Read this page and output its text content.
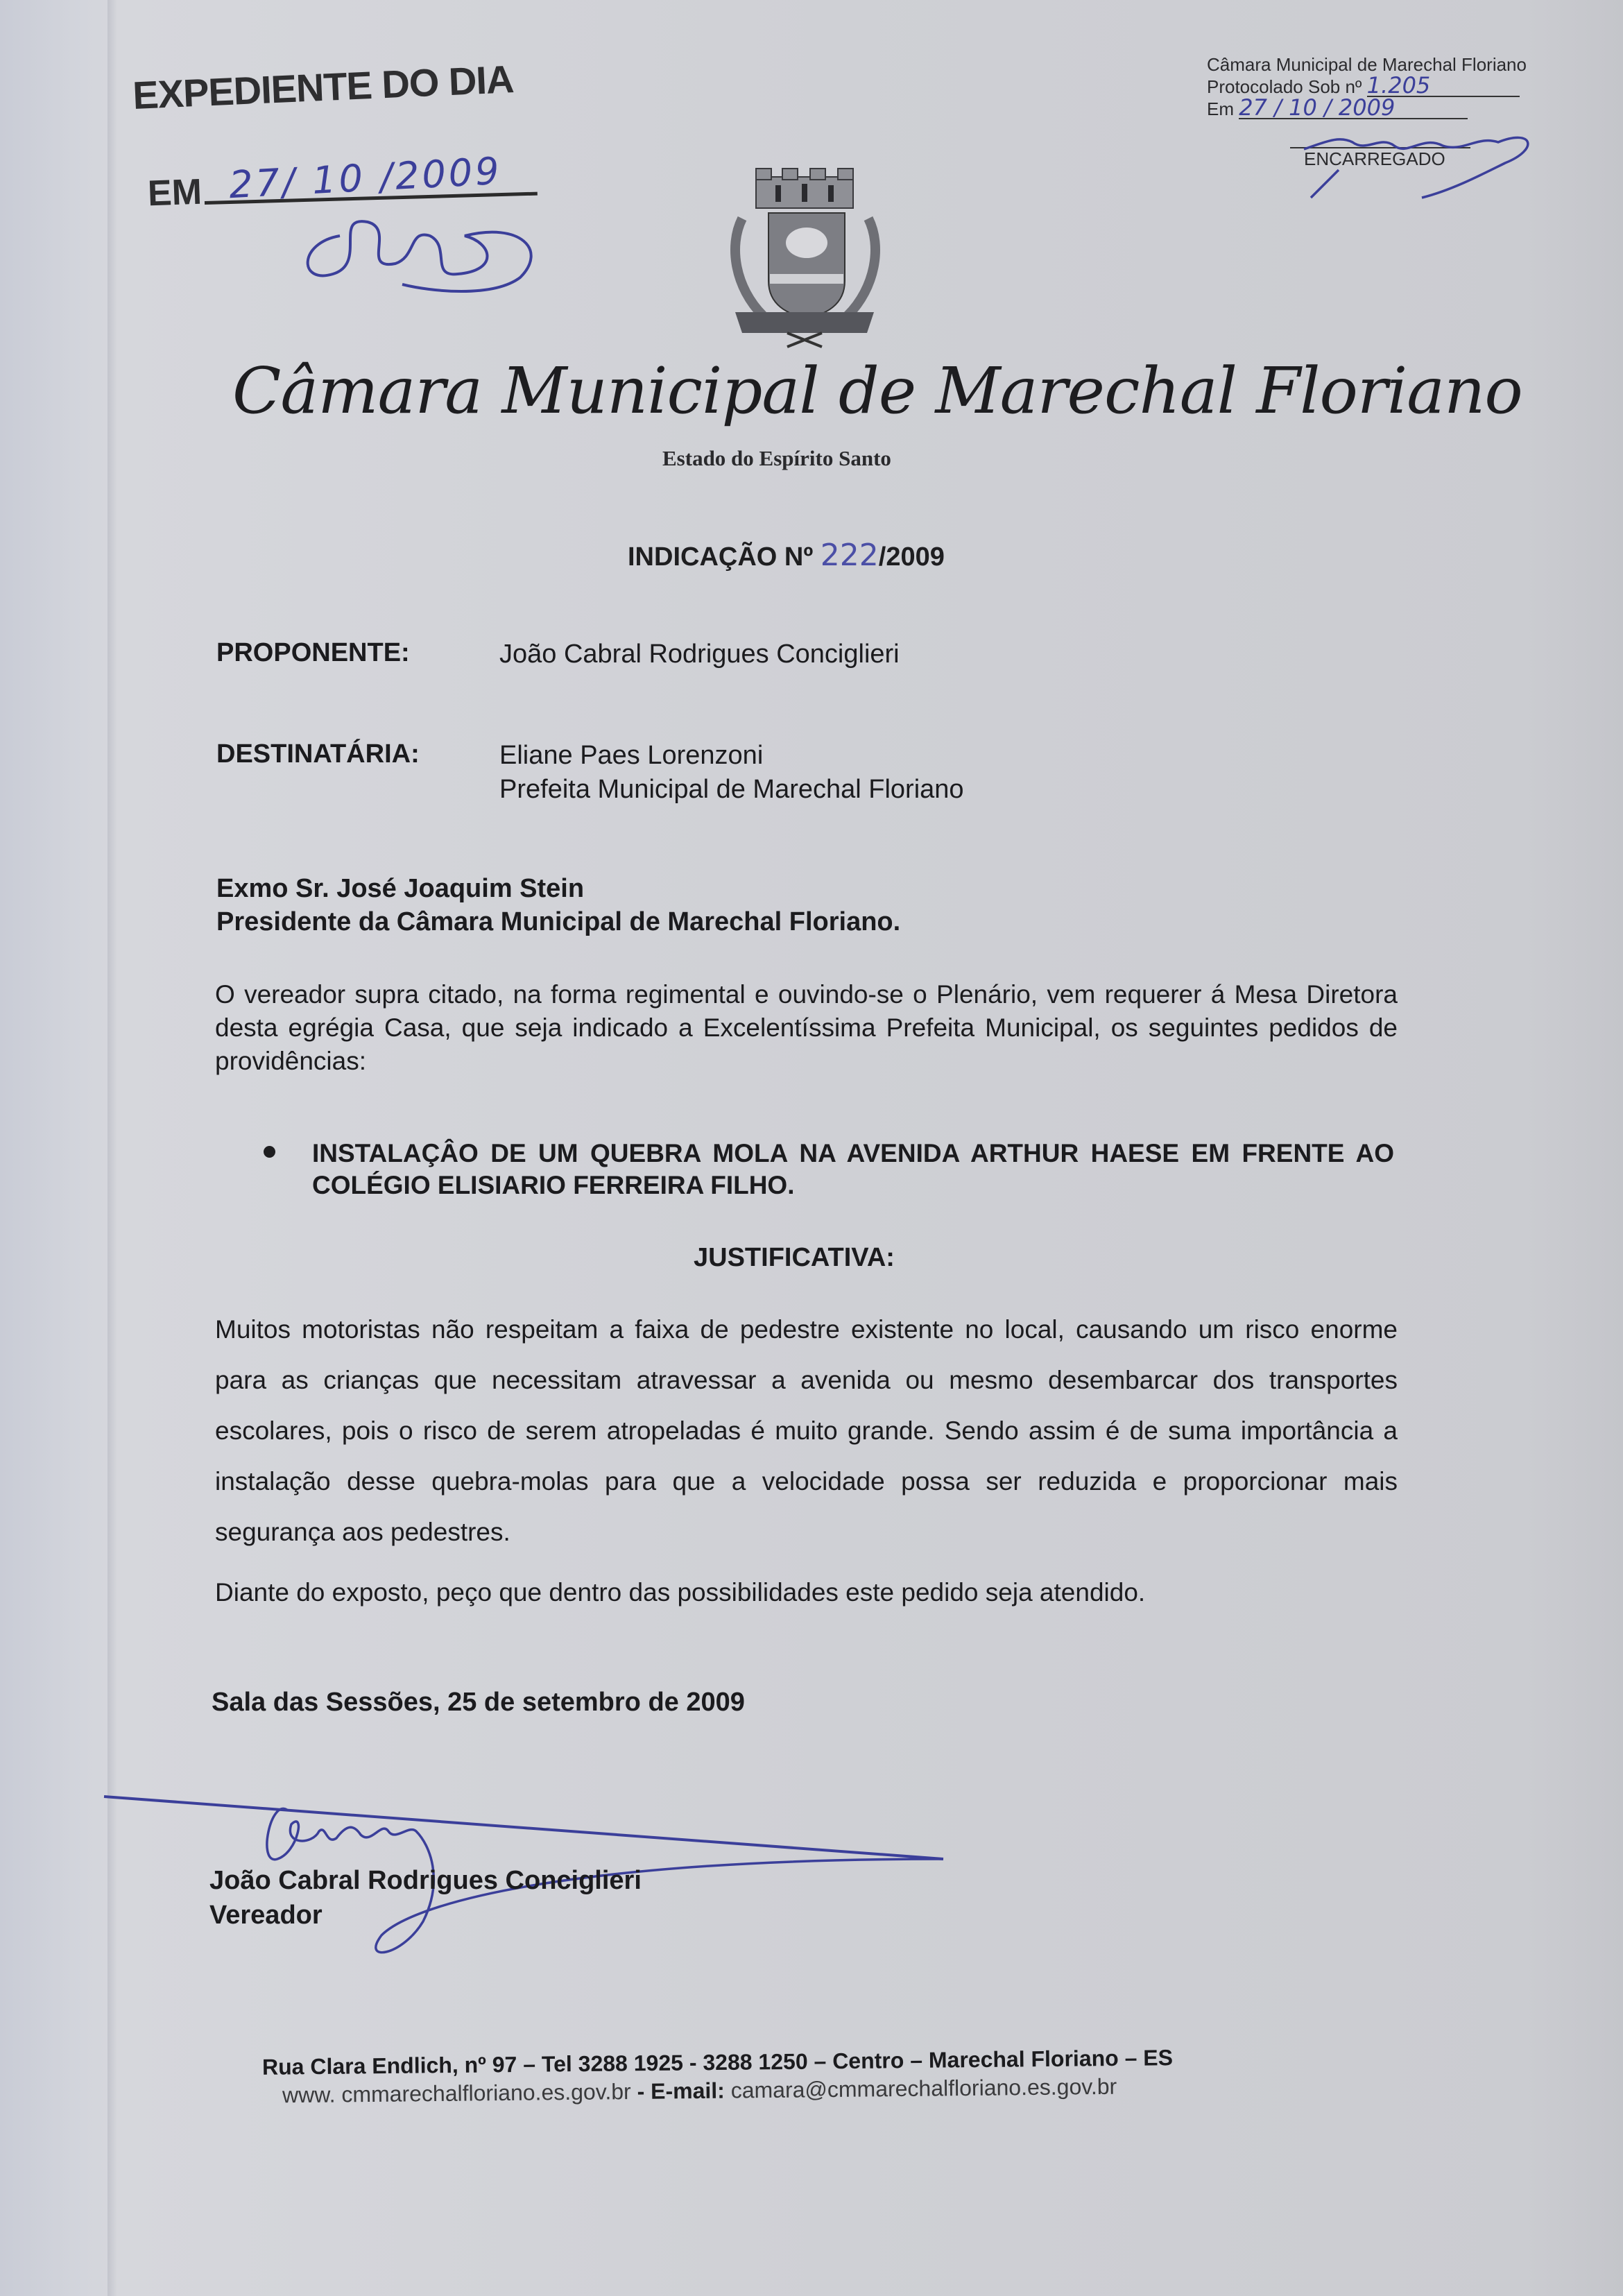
EXPEDIENTE DO DIA
EM 27/ 10 /2009
Câmara Municipal de Marechal Floriano
Protocolado Sob nº 1.205
Em 27 / 10 / 2009
ENCARREGADO
Câmara Municipal de Marechal Floriano
Estado do Espírito Santo
INDICAÇÃO Nº 222/2009
PROPONENTE:	João Cabral Rodrigues Conciglieri
DESTINATÁRIA:	Eliane Paes Lorenzoni
Prefeita Municipal de Marechal Floriano
Exmo Sr. José Joaquim Stein
Presidente da Câmara Municipal de Marechal Floriano.
O vereador supra citado, na forma regimental e ouvindo-se o Plenário, vem requerer á Mesa Diretora desta egrégia Casa, que seja indicado a Excelentíssima Prefeita Municipal, os seguintes pedidos de providências:
INSTALAÇÂO DE UM QUEBRA MOLA NA AVENIDA ARTHUR HAESE EM FRENTE AO COLÉGIO ELISIARIO FERREIRA FILHO.
JUSTIFICATIVA:
Muitos motoristas não respeitam a faixa de pedestre existente no local, causando um risco enorme para as crianças que necessitam atravessar a avenida ou mesmo desembarcar dos transportes escolares, pois o risco de serem atropeladas é muito grande. Sendo assim é de suma importância a instalação desse quebra-molas para que a velocidade possa ser reduzida e proporcionar mais segurança aos pedestres.
Diante do exposto, peço que dentro das possibilidades este pedido seja atendido.
Sala das Sessões, 25 de setembro de 2009
João Cabral Rodrigues Conciglieri
Vereador
Rua Clara Endlich, nº 97 – Tel 3288 1925 - 3288 1250 – Centro – Marechal Floriano – ES
www. cmmarechalfloriano.es.gov.br - E-mail: camara@cmmarechalfloriano.es.gov.br
